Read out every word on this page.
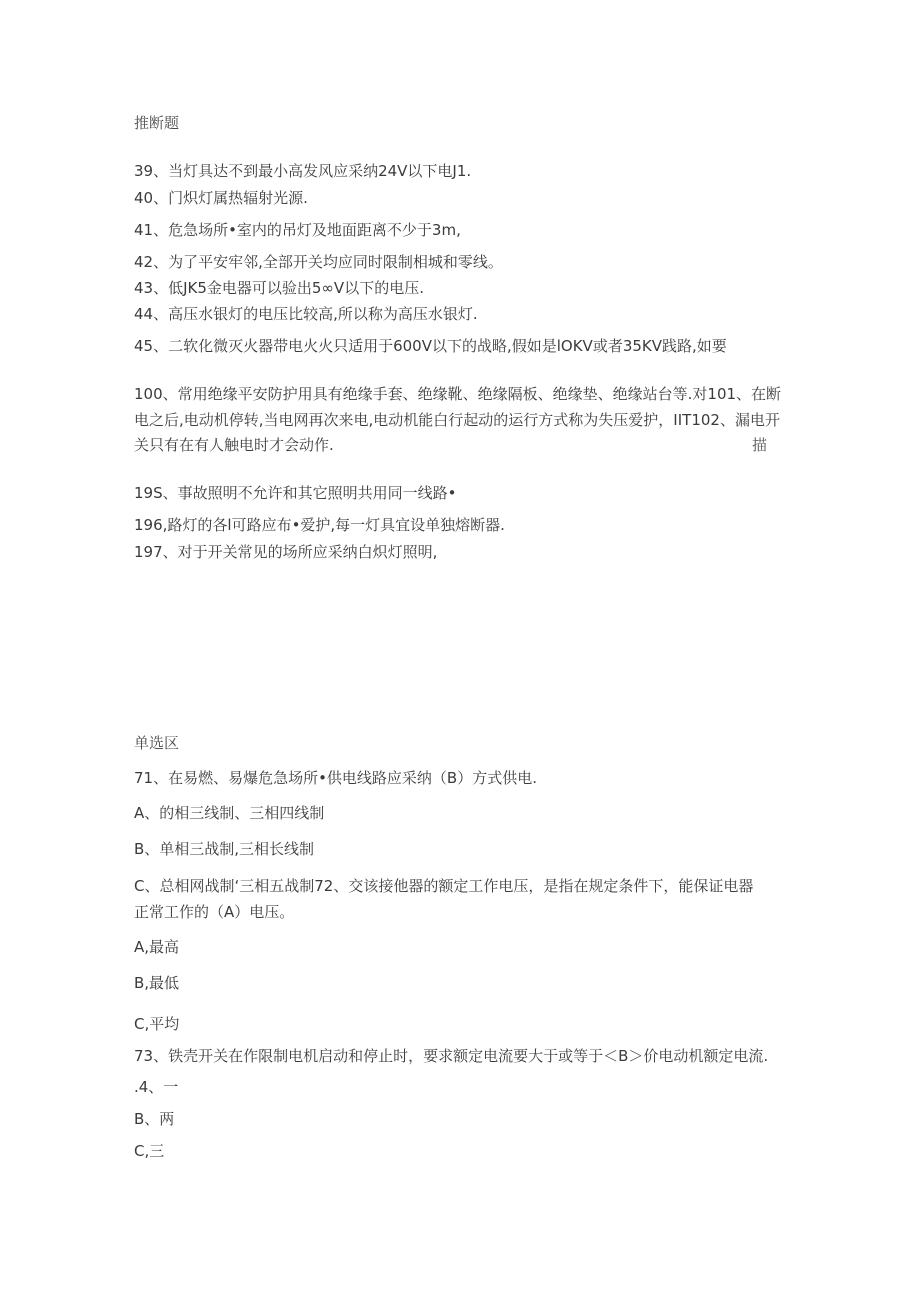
推断题
39、当灯具达不到最小高发风应采纳24V以下电J1.
40、门炽灯属热辐射光源.
41、危急场所•室内的吊灯及地面距离不少于3m,
42、为了平安牢邻,全部开关均应同时限制相城和零线。
43、低JK5金电器可以验出5∞V以下的电压.
44、高压水银灯的电压比较高,所以称为高压水银灯.
45、二软化微灭火器带电火火只适用于600V以下的战略,假如是lOKV或者35KV践路,如要
100、常用绝缘平安防护用具有绝缘手套、绝缘靴、绝缘隔板、绝缘垫、绝缘站台等.对101、在断
电之后,电动机停转,当电网再次来电,电动机能白行起动的运行方式称为失压爱护，IIT102、漏电开
关只有在有人触电时才会动作.	描
19S、事故照明不允许和其它照明共用同一线路•
196,路灯的各l可路应布•爱护,每一灯具宜设单独熔断器.
197、对于开关常见的场所应采纳白炽灯照明,
单选区
71、在易燃、易爆危急场所•供电线路应采纳（B）方式供电.
A、的相三线制、三相四线制
B、单相三战制,三相长线制
C、总相网战制‘三相五战制72、交该接他器的额定工作电压，是指在规定条件下，能保证电器
正常工作的（A）电压。
A,最高
B,最低
C,平均
73、铁壳开关在作限制电机启动和停止时，要求额定电流要大于或等于＜B＞价电动机额定电流.
.4、一
B、两
C,三
